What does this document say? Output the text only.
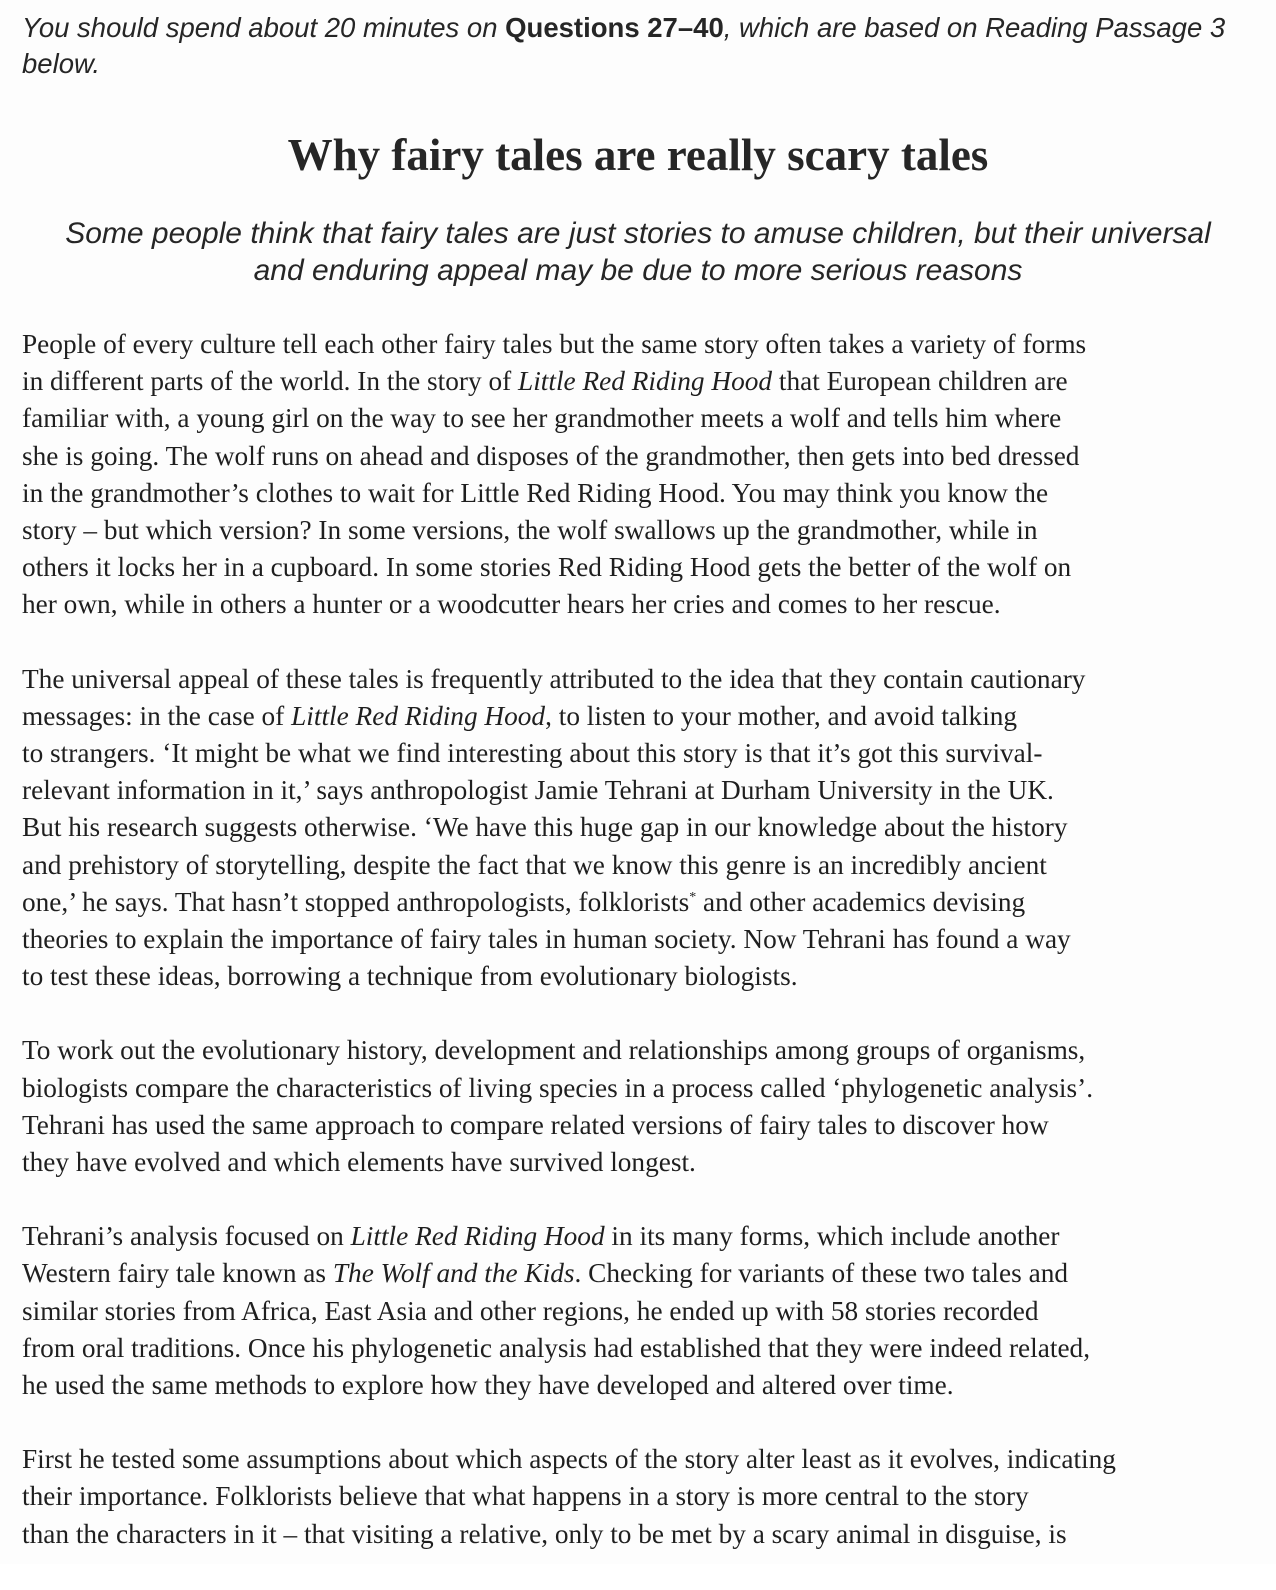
You should spend about 20 minutes on Questions 27–40, which are based on Reading Passage 3 below.

Why fairy tales are really scary tales

Some people think that fairy tales are just stories to amuse children, but their universal and enduring appeal may be due to more serious reasons

People of every culture tell each other fairy tales but the same story often takes a variety of forms
in different parts of the world. In the story of Little Red Riding Hood that European children are
familiar with, a young girl on the way to see her grandmother meets a wolf and tells him where
she is going. The wolf runs on ahead and disposes of the grandmother, then gets into bed dressed
in the grandmother’s clothes to wait for Little Red Riding Hood. You may think you know the
story – but which version? In some versions, the wolf swallows up the grandmother, while in
others it locks her in a cupboard. In some stories Red Riding Hood gets the better of the wolf on
her own, while in others a hunter or a woodcutter hears her cries and comes to her rescue.

The universal appeal of these tales is frequently attributed to the idea that they contain cautionary
messages: in the case of Little Red Riding Hood, to listen to your mother, and avoid talking
to strangers. ‘It might be what we find interesting about this story is that it’s got this survival-
relevant information in it,’ says anthropologist Jamie Tehrani at Durham University in the UK.
But his research suggests otherwise. ‘We have this huge gap in our knowledge about the history
and prehistory of storytelling, despite the fact that we know this genre is an incredibly ancient
one,’ he says. That hasn’t stopped anthropologists, folklorists* and other academics devising
theories to explain the importance of fairy tales in human society. Now Tehrani has found a way
to test these ideas, borrowing a technique from evolutionary biologists.

To work out the evolutionary history, development and relationships among groups of organisms,
biologists compare the characteristics of living species in a process called ‘phylogenetic analysis’.
Tehrani has used the same approach to compare related versions of fairy tales to discover how
they have evolved and which elements have survived longest.

Tehrani’s analysis focused on Little Red Riding Hood in its many forms, which include another
Western fairy tale known as The Wolf and the Kids. Checking for variants of these two tales and
similar stories from Africa, East Asia and other regions, he ended up with 58 stories recorded
from oral traditions. Once his phylogenetic analysis had established that they were indeed related,
he used the same methods to explore how they have developed and altered over time.

First he tested some assumptions about which aspects of the story alter least as it evolves, indicating
their importance. Folklorists believe that what happens in a story is more central to the story
than the characters in it – that visiting a relative, only to be met by a scary animal in disguise, is
